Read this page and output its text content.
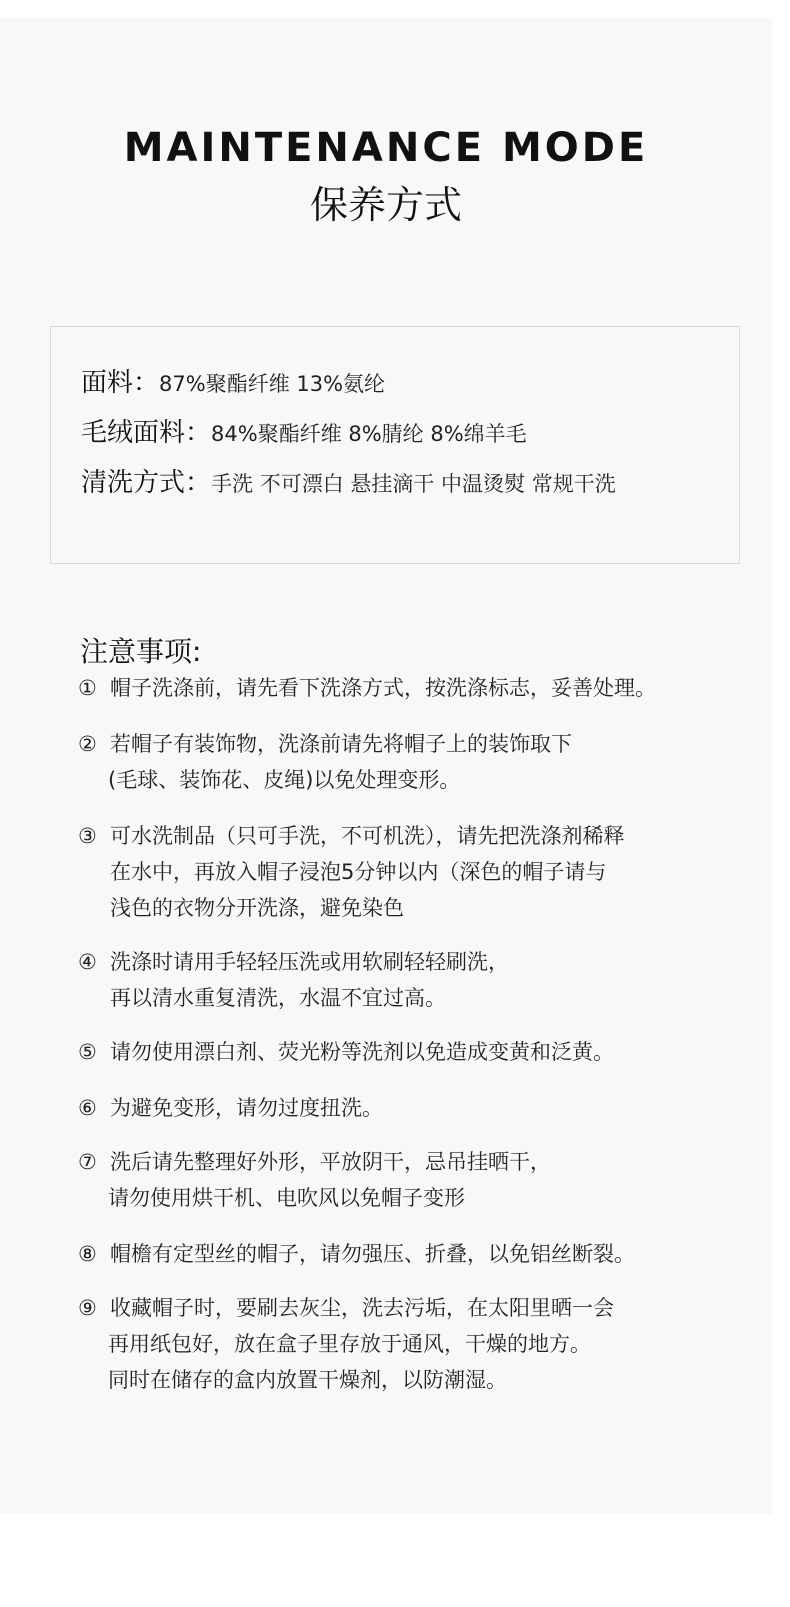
MAINTENANCE MODE
保养方式
面料：87%聚酯纤维 13%氨纶
毛绒面料：84%聚酯纤维 8%腈纶 8%绵羊毛
清洗方式：手洗 不可漂白 悬挂滴干 中温烫熨 常规干洗
注意事项:
① 帽子洗涤前，请先看下洗涤方式，按洗涤标志，妥善处理。
② 若帽子有装饰物，洗涤前请先将帽子上的装饰取下
(毛球、装饰花、皮绳)以免处理变形。
③ 可水洗制品（只可手洗，不可机洗），请先把洗涤剂稀释
在水中，再放入帽子浸泡5分钟以内（深色的帽子请与
浅色的衣物分开洗涤，避免染色
④ 洗涤时请用手轻轻压洗或用软刷轻轻刷洗，
再以清水重复清洗，水温不宜过高。
⑤ 请勿使用漂白剂、荧光粉等洗剂以免造成变黄和泛黄。
⑥ 为避免变形，请勿过度扭洗。
⑦ 洗后请先整理好外形，平放阴干，忌吊挂晒干，
请勿使用烘干机、电吹风以免帽子变形
⑧ 帽檐有定型丝的帽子，请勿强压、折叠，以免铝丝断裂。
⑨ 收藏帽子时，要刷去灰尘，洗去污垢，在太阳里晒一会
再用纸包好，放在盒子里存放于通风，干燥的地方。
同时在储存的盒内放置干燥剂，以防潮湿。
